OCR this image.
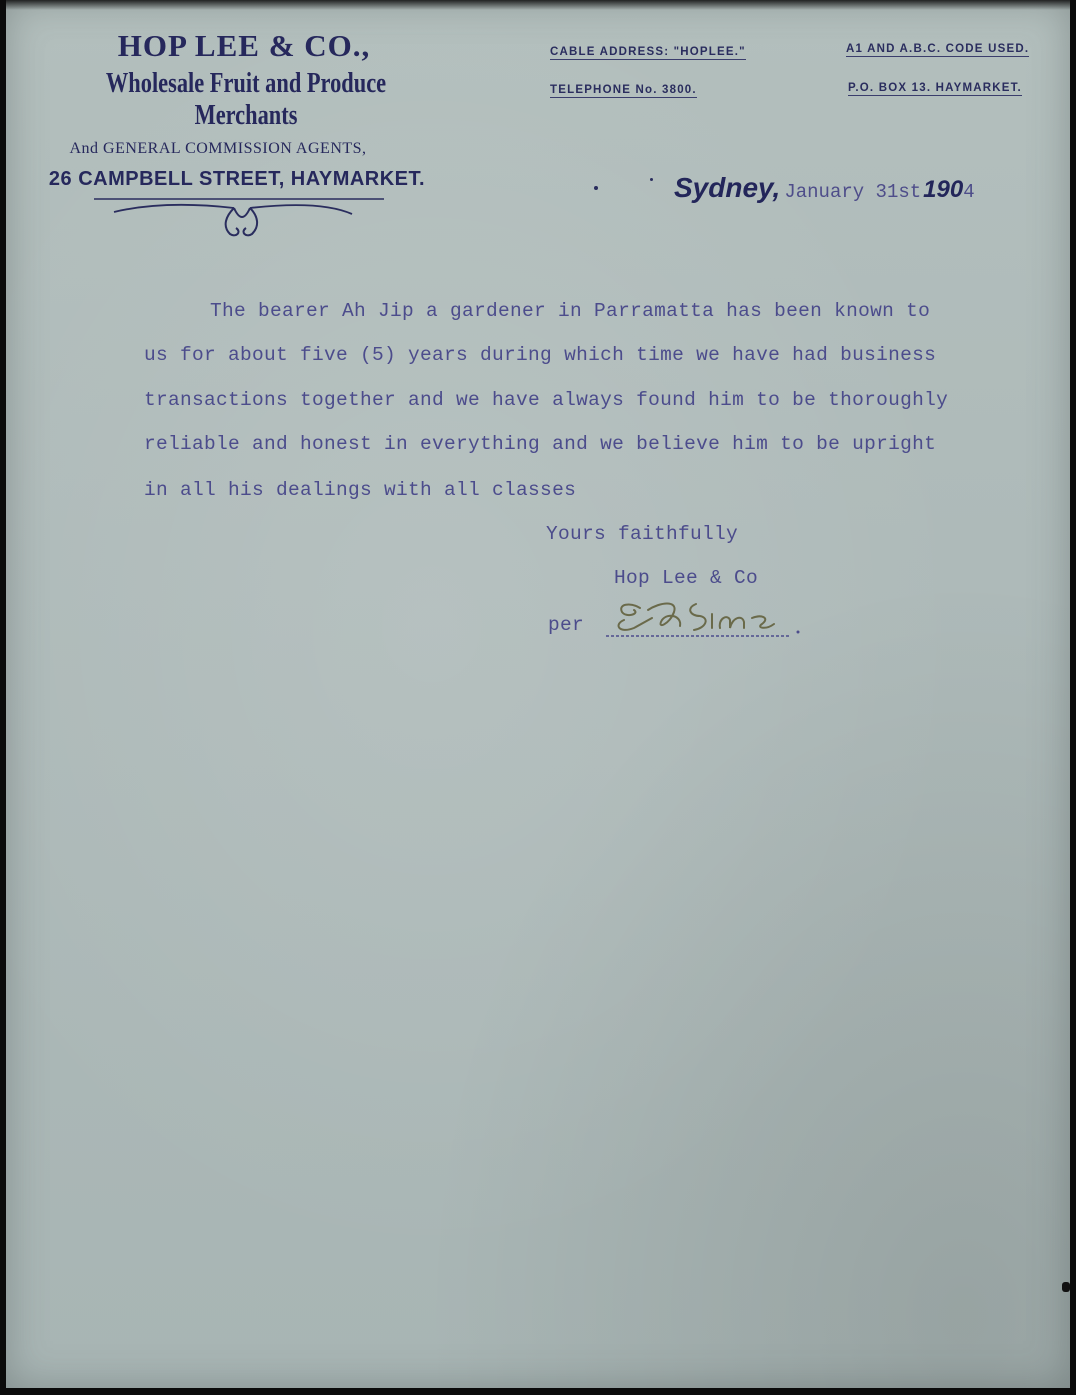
HOP LEE & CO.,
Wholesale Fruit and Produce Merchants
And GENERAL COMMISSION AGENTS,
26 CAMPBELL STREET, HAYMARKET.
CABLE ADDRESS: "HOPLEE."	A1 AND A.B.C. CODE USED.
TELEPHONE No. 3800.	P.O. BOX 13. HAYMARKET.
Sydney, January 31st1904
The bearer Ah Jip a gardener in Parramatta has been known to
us for about five (5) years during which time we have had business
transactions together and we have always found him to be thoroughly
reliable and honest in everything and we believe him to be upright
in all his dealings with all classes
Yours faithfully
Hop Lee & Co
per
